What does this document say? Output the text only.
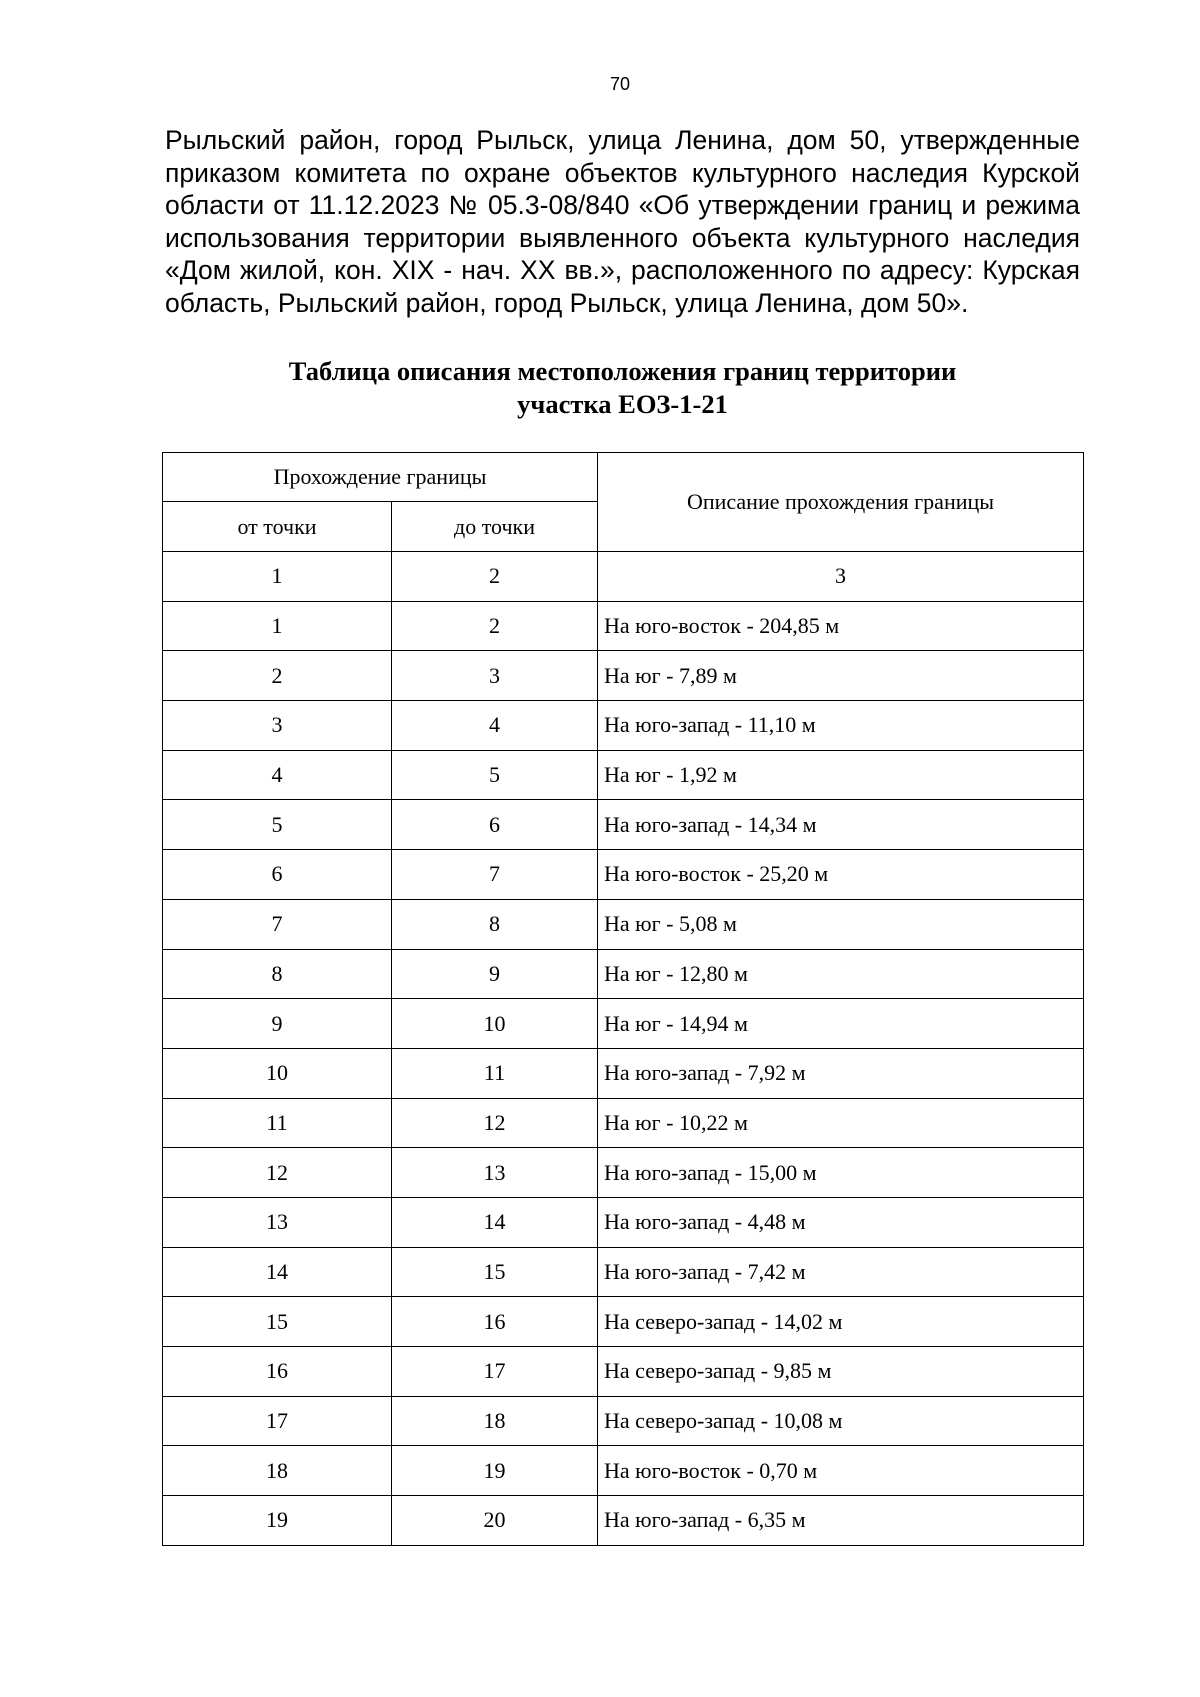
70

Рыльский район, город Рыльск, улица Ленина, дом 50, утвержденные приказом комитета по охране объектов культурного наследия Курской области от 11.12.2023 № 05.3-08/840 «Об утверждении границ и режима использования территории выявленного объекта культурного наследия «Дом жилой, кон. XIX - нач. XX вв.», расположенного по адресу: Курская область, Рыльский район, город Рыльск, улица Ленина, дом 50».

Таблица описания местоположения границ территории
участка ЕОЗ-1-21
Прохождение границы		Описание прохождения границы
от точки	до точки	
1	2	3
1	2	На юго-восток - 204,85 м
2	3	На юг - 7,89 м
3	4	На юго-запад - 11,10 м
4	5	На юг - 1,92 м
5	6	На юго-запад - 14,34 м
6	7	На юго-восток - 25,20 м
7	8	На юг - 5,08 м
8	9	На юг - 12,80 м
9	10	На юг - 14,94 м
10	11	На юго-запад - 7,92 м
11	12	На юг - 10,22 м
12	13	На юго-запад - 15,00 м
13	14	На юго-запад - 4,48 м
14	15	На юго-запад - 7,42 м
15	16	На северо-запад - 14,02 м
16	17	На северо-запад - 9,85 м
17	18	На северо-запад - 10,08 м
18	19	На юго-восток - 0,70 м
19	20	На юго-запад - 6,35 м
